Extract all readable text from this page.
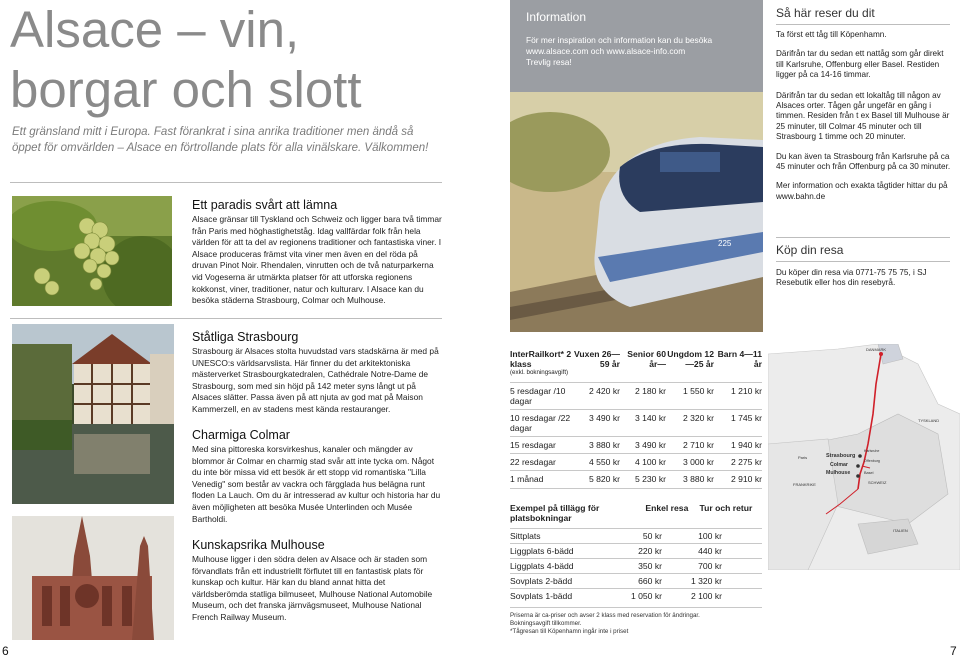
Alsace – vin, borgar och slott
Ett gränsland mitt i Europa. Fast förankrat i sina anrika traditioner men ändå så öppet för omvärlden – Alsace en förtrollande plats för alla vinälskare. Välkommen!
Ett paradis svårt att lämna

Alsace gränsar till Tyskland och Schweiz och ligger bara två timmar från Paris med höghastighetståg. Idag vallfärdar folk från hela världen för att ta del av regionens traditioner och fantastiska viner. I Alsace produceras främst vita viner men även en del röda på druvan Pinot Noir. Rhendalen, vinrutten och de två naturparkerna vid Vogeserna är utmärkta platser för att utforska regionens kokkonst, viner, traditioner, natur och kulturarv. I Alsace kan du besöka städerna Strasbourg, Colmar och Mulhouse.

Ståtliga Strasbourg

Strasbourg är Alsaces stolta huvudstad vars stadskärna är med på UNESCO:s världsarvslista. Här finner du det arkitektoniska mästerverket Strasbourgkatedralen, Cathédrale Notre-Dame de Strasbourg, som med sin höjd på 142 meter syns långt ut på Alsaces slätter. Passa även på att njuta av god mat på Maison Kammerzell, en av stadens mest kända restauranger.

Charmiga Colmar

Med sina pittoreska korsvirkeshus, kanaler och mängder av blommor är Colmar en charmig stad svår att inte tycka om. Något du inte bör missa vid ett besök är ett stopp vid romantiska "Lilla Venedig" som består av vackra och färgglada hus belägna runt floden La Lauch. Om du är intresserad av kultur och historia har du även möjligheten att besöka Musée Unterlinden och Musée Bartholdi.

Kunskapsrika Mulhouse

Mulhouse ligger i den södra delen av Alsace och är staden som förvandlats från ett industriellt förflutet till en fantastisk plats för kunskap och kultur. Här kan du bland annat hitta det världsberömda statliga bilmuseet, Mulhouse National Automobile Museum, och det franska järnvägsmuseet, Mulhouse National French Railway Museum.

6
Information
För mer inspiration och information kan du besöka
www.alsace.com och www.alsace-info.com
Trevlig resa!
225
Så här reser du dit

Ta först ett tåg till Köpenhamn.

Därifrån tar du sedan ett nattåg som går direkt till Karlsruhe, Offenburg eller Basel. Restiden ligger på ca 14-16 timmar.

Därifrån tar du sedan ett lokaltåg till någon av Alsaces orter. Tågen går ungefär en gång i timmen. Residen från t ex Basel till Mulhouse är 25 minuter, till Colmar 45 minuter och till Strasbourg 1 timme och 20 minuter.

Du kan även ta Strasbourg från Karlsruhe på ca 45 minuter och från Offenburg på ca 30 minuter.

Mer information och exakta tågtider hittar du på www.bahn.de

Köp din resa

Du köper din resa via 0771-75 75 75, i SJ Resebutik eller hos din resebyrå.

InterRailkort* 2 klass
(exkl. bokningsavgift)
	Vuxen 26—59 år	Senior 60 år—	Ungdom 12—25 år	Barn 4—11 år
5 resdagar /10 dagar	2 420 kr	2 180 kr	1 550 kr	1 210 kr
10 resdagar /22 dagar	3 490 kr	3 140 kr	2 320 kr	1 745 kr
15 resdagar	3 880 kr	3 490 kr	2 710 kr	1 940 kr
22 resdagar	4 550 kr	4 100 kr	3 000 kr	2 275 kr
1 månad	5 820 kr	5 230 kr	3 880 kr	2 910 kr
Exempel på tillägg för platsbokningar	Enkel resa	Tur och retur
Sittplats	50 kr	100 kr	
Liggplats 6-bädd	220 kr	440 kr	
Liggplats 4-bädd	350 kr	700 kr	
Sovplats 2-bädd	660 kr	1 320 kr	
Sovplats 1-bädd	1 050 kr	2 100 kr	
Priserna är ca-priser och avser 2 klass med reservation för ändringar.
Bokningsavgift tillkommer.
*Tågresan till Köpenhamn ingår inte i priset
DANMARK
TYSKLAND
FRANKRIKE
Paris	Strasbourg
Colmar
Mulhouse	Basel
SCHWEIZ
ITALIEN
Karlsruhe
Offenburg
7
